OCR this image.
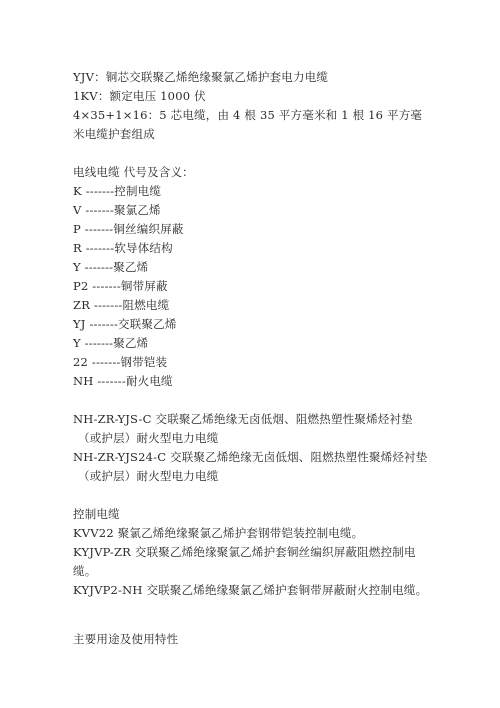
YJV：铜芯交联聚乙烯绝缘聚氯乙烯护套电力电缆
1KV：额定电压 1000 伏
4×35+1×16：5 芯电缆，由 4 根 35 平方毫米和 1 根 16 平方毫
米电缆护套组成
电线电缆 代号及含义：
K -------控制电缆
V -------聚氯乙烯
P -------铜丝编织屏蔽
R -------软导体结构
Y -------聚乙烯
P2 -------铜带屏蔽
ZR -------阻燃电缆
YJ -------交联聚乙烯
Y -------聚乙烯
22 -------钢带铠装
NH -------耐火电缆
NH-ZR-YJS-C 交联聚乙烯绝缘无卤低烟、阻燃热塑性聚烯烃衬垫
（或护层）耐火型电力电缆
NH-ZR-YJS24-C 交联聚乙烯绝缘无卤低烟、阻燃热塑性聚烯烃衬垫
（或护层）耐火型电力电缆
控制电缆
KVV22 聚氯乙烯绝缘聚氯乙烯护套钢带铠装控制电缆。
KYJVP-ZR 交联聚乙烯绝缘聚氯乙烯护套铜丝编织屏蔽阻燃控制电
缆。
KYJVP2-NH 交联聚乙烯绝缘聚氯乙烯护套铜带屏蔽耐火控制电缆。
主要用途及使用特性
